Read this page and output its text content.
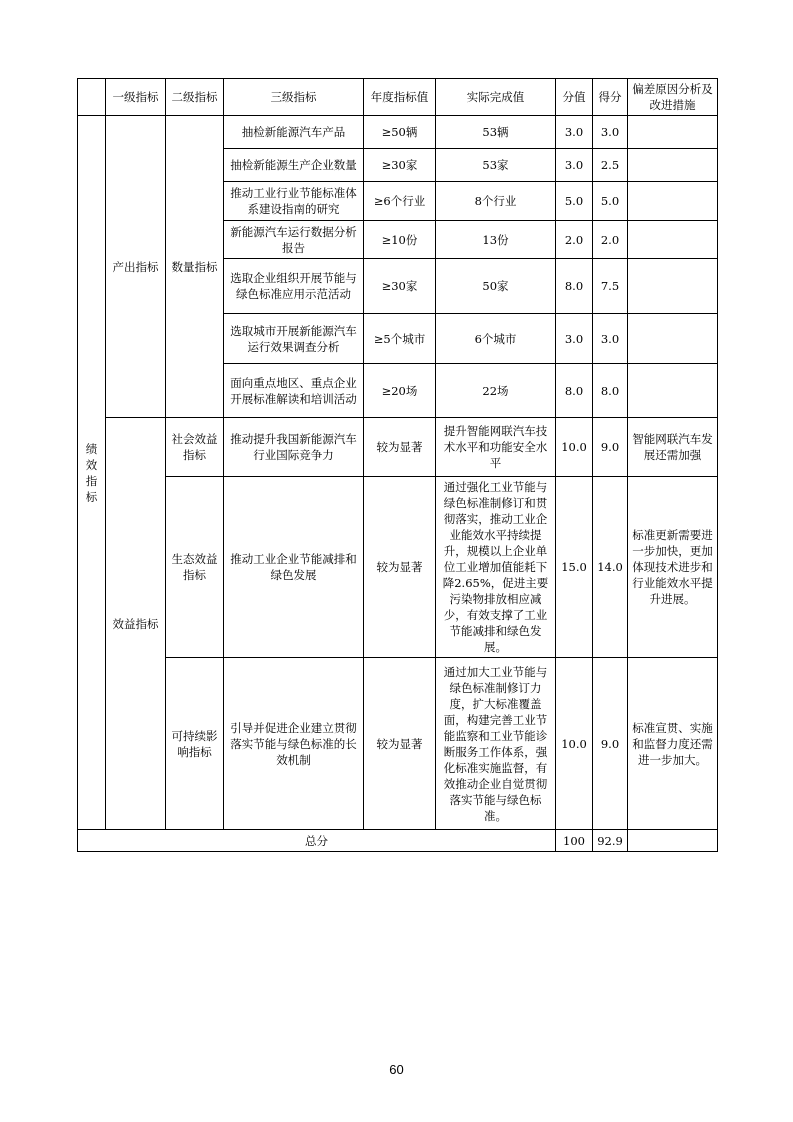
	一级指标	二级指标	三级指标	年度指标值	实际完成值	分值	得分	偏差原因分析及改进措施
绩效指标	产出指标	数量指标	抽检新能源汽车产品	≥50辆	53辆	3.0	3.0	
			抽检新能源生产企业数量	≥30家	53家	3.0	2.5	
			推动工业行业节能标准体系建设指南的研究	≥6个行业	8个行业	5.0	5.0	
			新能源汽车运行数据分析报告	≥10份	13份	2.0	2.0	
			选取企业组织开展节能与绿色标准应用示范活动	≥30家	50家	8.0	7.5	
			选取城市开展新能源汽车运行效果调查分析	≥5个城市	6个城市	3.0	3.0	
			面向重点地区、重点企业开展标准解读和培训活动	≥20场	22场	8.0	8.0	
	效益指标	社会效益指标	推动提升我国新能源汽车行业国际竞争力	较为显著	提升智能网联汽车技术水平和功能安全水平	10.0	9.0	智能网联汽车发展还需加强
		生态效益指标	推动工业企业节能减排和绿色发展	较为显著	通过强化工业节能与绿色标准制修订和贯彻落实，推动工业企业能效水平持续提升，规模以上企业单位工业增加值能耗下降2.65%，促进主要污染物排放相应减少，有效支撑了工业节能减排和绿色发展。	15.0	14.0	标准更新需要进一步加快，更加体现技术进步和行业能效水平提升进展。
		可持续影响指标	引导并促进企业建立贯彻落实节能与绿色标准的长效机制	较为显著	通过加大工业节能与绿色标准制修订力度，扩大标准覆盖面，构建完善工业节能监察和工业节能诊断服务工作体系，强化标准实施监督，有效推动企业自觉贯彻落实节能与绿色标准。	10.0	9.0	标准宣贯、实施和监督力度还需进一步加大。
总分						100	92.9	
60
